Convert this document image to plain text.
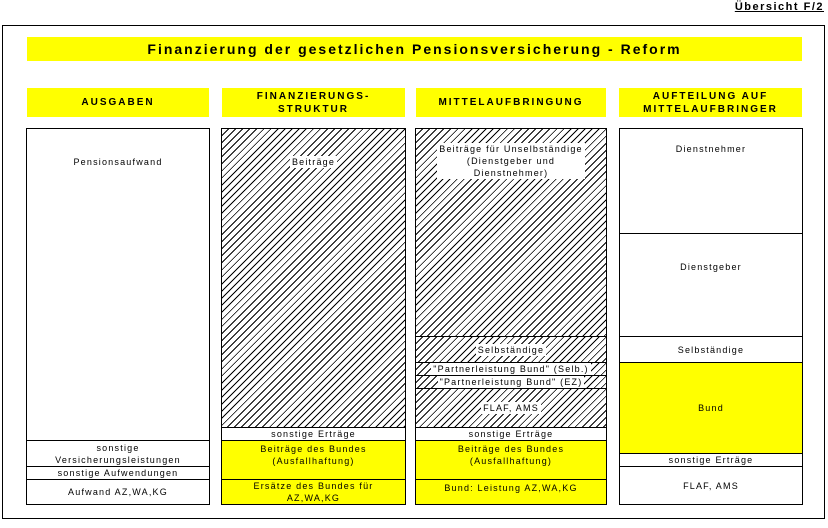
Übersicht F/2
Finanzierung der gesetzlichen Pensionsversicherung - Reform
AUSGABEN
FINANZIERUNGS-
STRUKTUR
MITTELAUFBRINGUNG
AUFTEILUNG AUF
MITTELAUFBRINGER
Pensionsaufwand
sonstige
Versicherungsleistungen
sonstige Aufwendungen
Aufwand AZ,WA,KG
Beiträge
sonstige Erträge
Beiträge des Bundes
(Ausfallhaftung)
Ersätze des Bundes für
AZ,WA,KG
Beiträge für Unselbständige
(Dienstgeber und
Dienstnehmer)
Selbständige
"Partnerleistung Bund" (Selb.)
"Partnerleistung Bund" (EZ)
FLAF, AMS
sonstige Erträge
Beiträge des Bundes
(Ausfallhaftung)
Bund: Leistung AZ,WA,KG
Dienstnehmer
Dienstgeber
Selbständige
Bund
sonstige Erträge
FLAF, AMS
